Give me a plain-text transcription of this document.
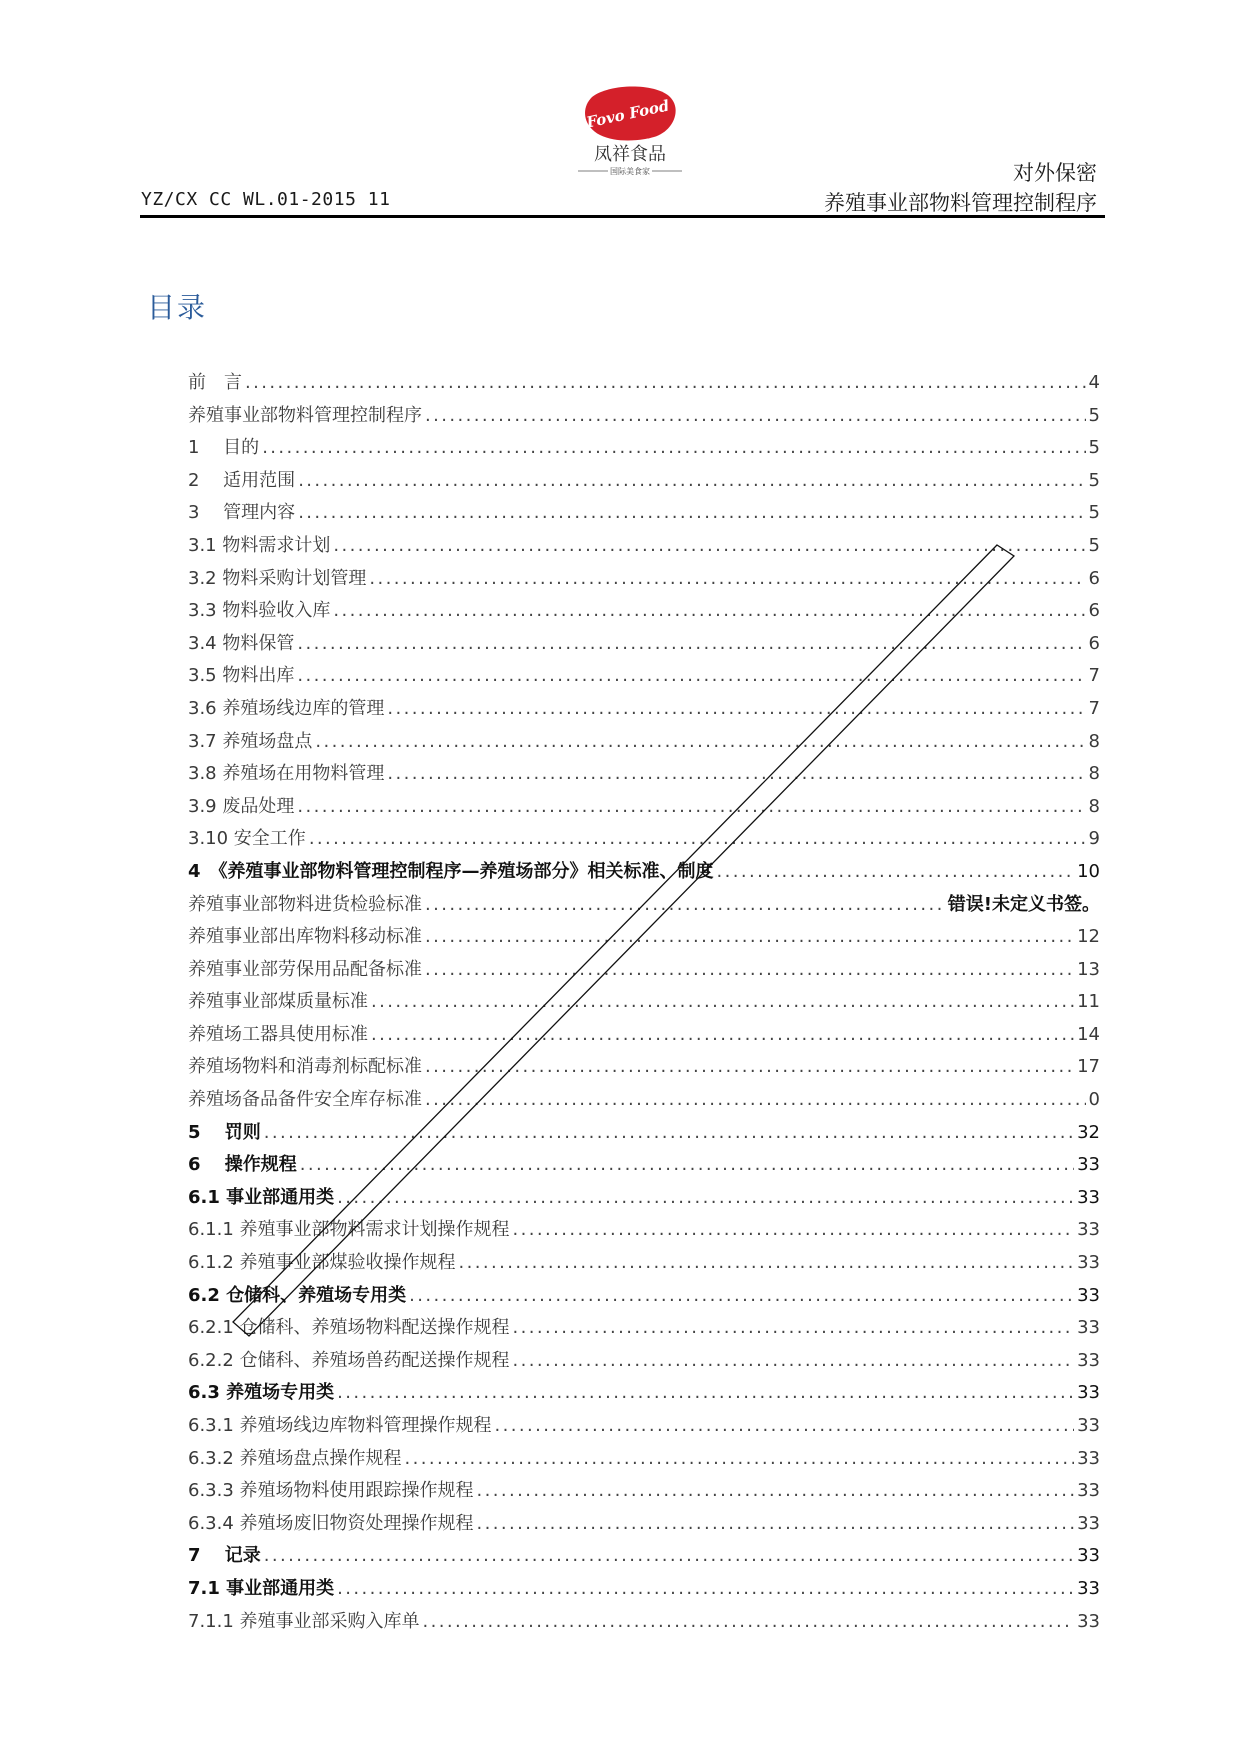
Fovo Food
凤祥食品
国际美食家
YZ/CX CC WL.01-2015 11
对外保密
养殖事业部物料管理控制程序
目录
前　言 .....	4
养殖事业部物料管理控制程序 .....	5
1　 目的 .....	5
2　 适用范围 .....	5
3　 管理内容 .....	5
3.1 物料需求计划 .....	5
3.2 物料采购计划管理 .....	6
3.3 物料验收入库 .....	6
3.4 物料保管 .....	6
3.5 物料出库 .....	7
3.6 养殖场线边库的管理 .....	7
3.7 养殖场盘点 .....	8
3.8 养殖场在用物料管理 .....	8
3.9 废品处理 .....	8
3.10 安全工作 .....	9
4　《养殖事业部物料管理控制程序—养殖场部分》相关标准、制度 .....	10
养殖事业部物料进货检验标准 .....	错误!未定义书签。
养殖事业部出库物料移动标准 .....	12
养殖事业部劳保用品配备标准 .....	13
养殖事业部煤质量标准 .....	11
养殖场工器具使用标准 .....	14
养殖场物料和消毒剂标配标准 .....	17
养殖场备品备件安全库存标准 .....	0
5　 罚则 .....	32
6　 操作规程 .....	33
6.1 事业部通用类 .....	33
6.1.1 养殖事业部物料需求计划操作规程 .....	33
6.1.2 养殖事业部煤验收操作规程 .....	33
6.2 仓储科、养殖场专用类 .....	33
6.2.1 仓储科、养殖场物料配送操作规程 .....	33
6.2.2 仓储科、养殖场兽药配送操作规程 .....	33
6.3 养殖场专用类 .....	33
6.3.1 养殖场线边库物料管理操作规程 .....	33
6.3.2 养殖场盘点操作规程 .....	33
6.3.3 养殖场物料使用跟踪操作规程 .....	33
6.3.4 养殖场废旧物资处理操作规程 .....	33
7　 记录 .....	33
7.1 事业部通用类 .....	33
7.1.1 养殖事业部采购入库单 .....	33
